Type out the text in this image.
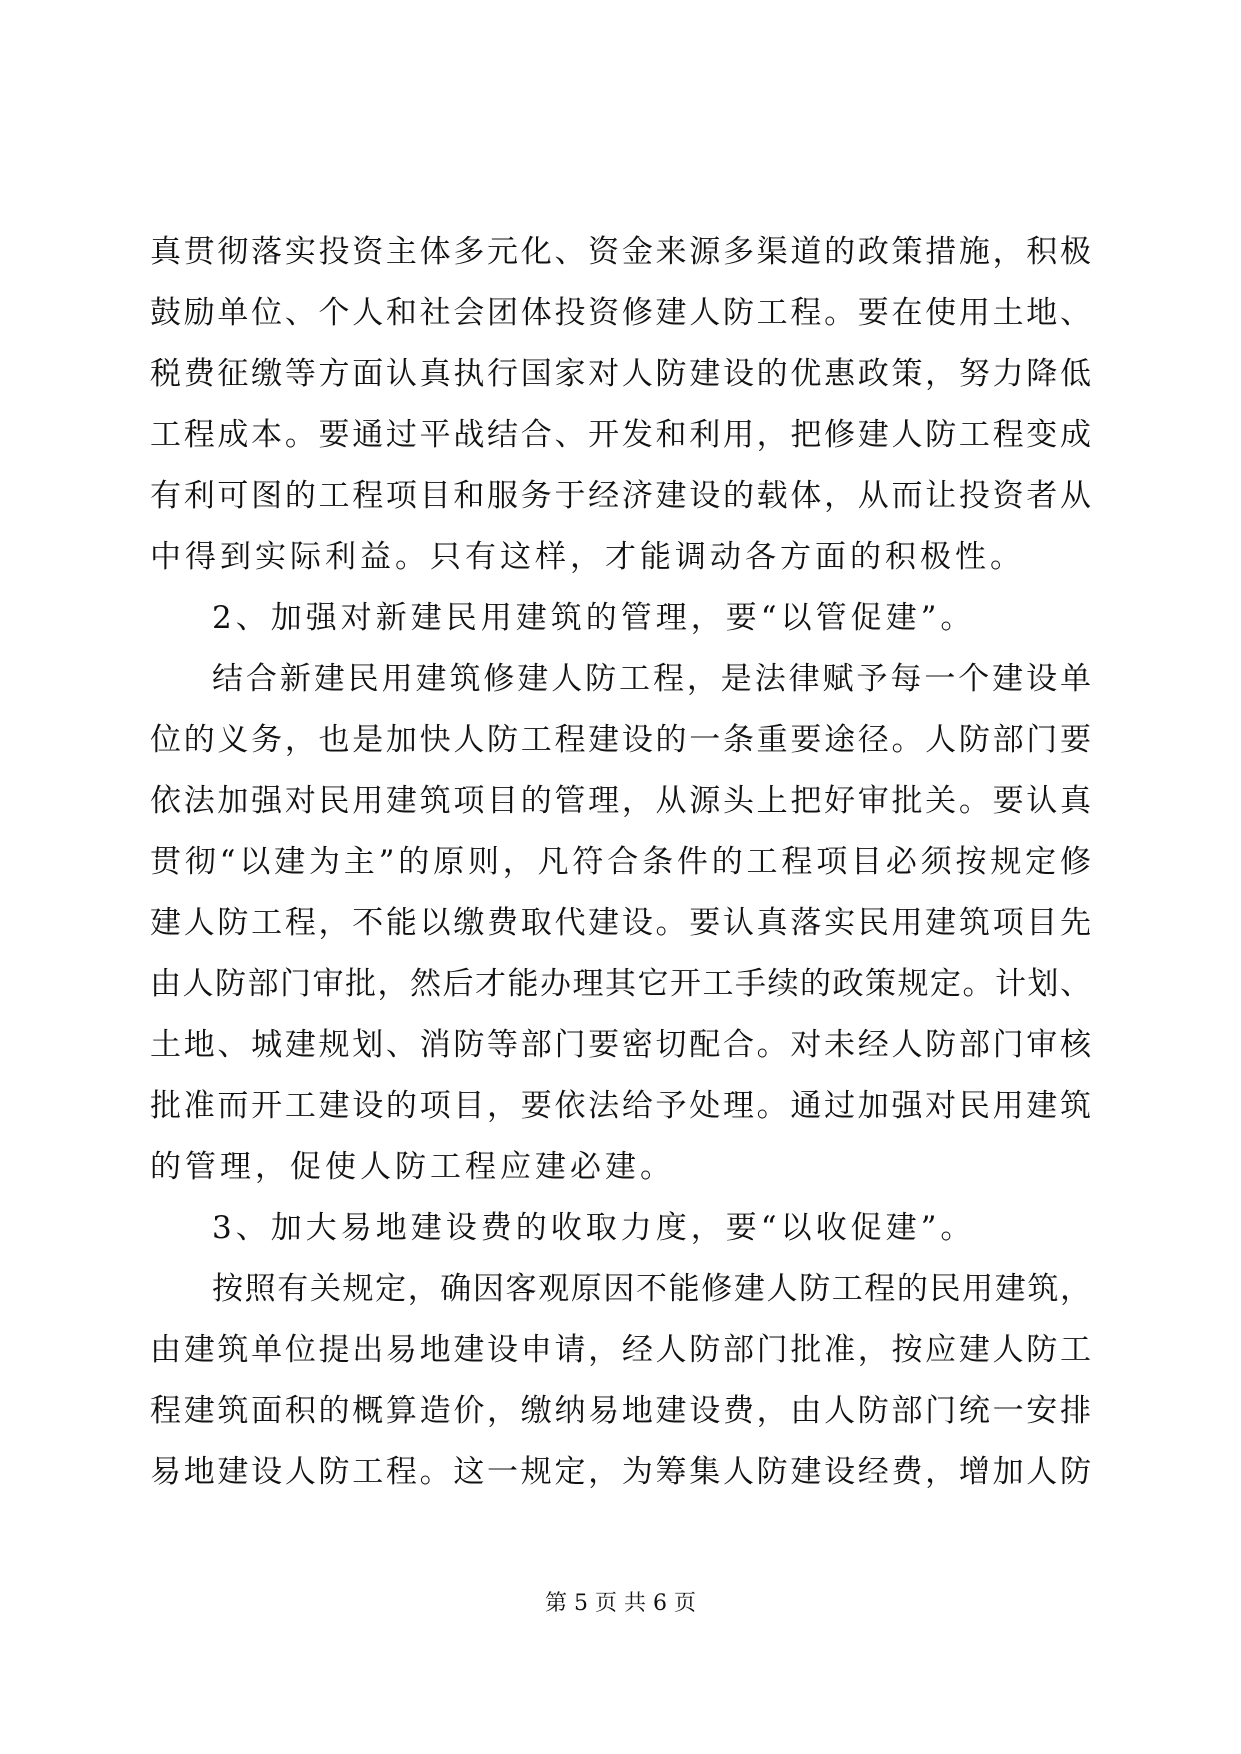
真贯彻落实投资主体多元化、资金来源多渠道的政策措施，积极
鼓励单位、个人和社会团体投资修建人防工程。要在使用土地、
税费征缴等方面认真执行国家对人防建设的优惠政策，努力降低
工程成本。要通过平战结合、开发和利用，把修建人防工程变成
有利可图的工程项目和服务于经济建设的载体，从而让投资者从
中得到实际利益。只有这样，才能调动各方面的积极性。
2、加强对新建民用建筑的管理，要“以管促建”。
结合新建民用建筑修建人防工程，是法律赋予每一个建设单
位的义务，也是加快人防工程建设的一条重要途径。人防部门要
依法加强对民用建筑项目的管理，从源头上把好审批关。要认真
贯彻“以建为主”的原则，凡符合条件的工程项目必须按规定修
建人防工程，不能以缴费取代建设。要认真落实民用建筑项目先
由人防部门审批，然后才能办理其它开工手续的政策规定。计划、
土地、城建规划、消防等部门要密切配合。对未经人防部门审核
批准而开工建设的项目，要依法给予处理。通过加强对民用建筑
的管理，促使人防工程应建必建。
3、加大易地建设费的收取力度，要“以收促建”。
按照有关规定，确因客观原因不能修建人防工程的民用建筑，
由建筑单位提出易地建设申请，经人防部门批准，按应建人防工
程建筑面积的概算造价，缴纳易地建设费，由人防部门统一安排
易地建设人防工程。这一规定，为筹集人防建设经费，增加人防
第 5 页 共 6 页
